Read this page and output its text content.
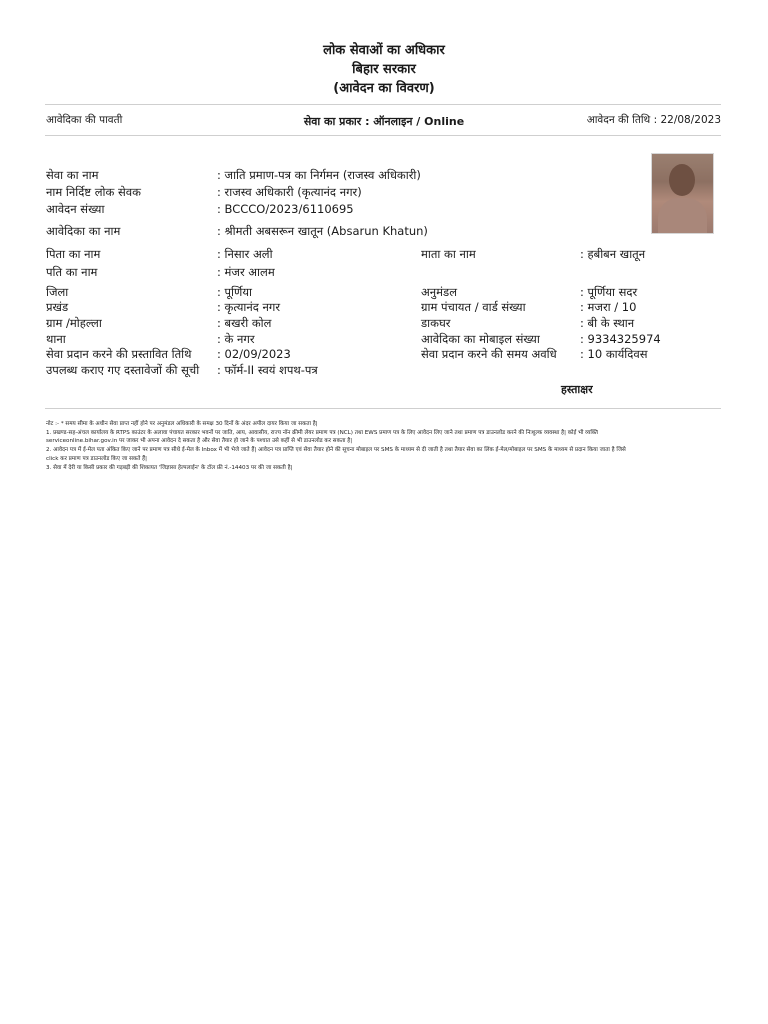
लोक सेवाओं का अधिकार
बिहार सरकार
(आवेदन का विवरण)
आवेदिका की पावती	सेवा का प्रकार : ऑनलाइन / Online	आवेदन की तिथि : 22/08/2023
सेवा का नाम	: जाति प्रमाण-पत्र का निर्गमन (राजस्व अधिकारी)
नाम निर्दिष्ट लोक सेवक	: राजस्व अधिकारी (कृत्यानंद नगर)
आवेदन संख्या	: BCCCO/2023/6110695
आवेदिका का नाम	: श्रीमती अबसरून खातून (Absarun Khatun)
पिता का नाम	: निसार अली	माता का नाम	: हबीबन खातून
पति का नाम	: मंजर आलम
जिला	: पूर्णिया	अनुमंडल	: पूर्णिया सदर
प्रखंड	: कृत्यानंद नगर	ग्राम पंचायत / वार्ड संख्या	: मजरा / 10
ग्राम /मोहल्ला	: बखरी कोल	डाकघर	: बी के स्थान
थाना	: के नगर	आवेदिका का मोबाइल संख्या	: 9334325974
सेवा प्रदान करने की प्रस्तावित तिथि : 02/09/2023	सेवा प्रदान करने की समय अवधि : 10 कार्यदिवस
उपलब्ध कराए गए दस्तावेजों की सूची : फॉर्म-II स्वयं शपथ-पत्र
हस्ताक्षर
नोट :- * समय सीमा के अधीन सेवा प्राप्त नहीं होने पर अनुमंडल अधिकारी के समक्ष 30 दिनों के अंदर अपील दायर किया जा सकता है|
1. प्रखण्ड-सह-अंचल कार्यालय के RTPS काउंटर के अलावा पंचायत सरकार भवनों पर जाति, आय, आवासीय, राज्य नॉन क्रीमी लेयर प्रमाण पत्र (NCL) तथा EWS प्रमाण पत्र के लिए आवेदन लिए जाने तथा प्रमाण पत्र डाउनलोड करने की निःशुल्क व्यवस्था है| कोई भी व्यक्ति
serviceonline.bihar.gov.in पर जाकर भी अपना आवेदन दे सकता है और सेवा तैयार हो जाने के पश्चात उसे कहीं से भी डाउनलोड कर सकता है|
2. आवेदन पत्र में ई-मेल पता अंकित किए जाने पर प्रमाण पत्र सीधे ई-मेल के Inbox में भी भेजे जाते हैं| आवेदन पत्र प्राप्ति एवं सेवा तैयार होने की सूचना मोबाइल पर SMS के माध्यम से दी जाती है तथा तैयार सेवा का लिंक ई-मेल/मोबाइल पर SMS के माध्यम से प्रदान किया जाता है जिसे
click कर प्रमाण पत्र डाउनलोड किए जा सकते हैं|
3. सेवा में देरी या किसी प्रकार की गड़बड़ी की शिकायत 'जिज्ञासा हेल्पलाईन' के टॉल फ्री नं.-14403 पर की जा सकती है|
